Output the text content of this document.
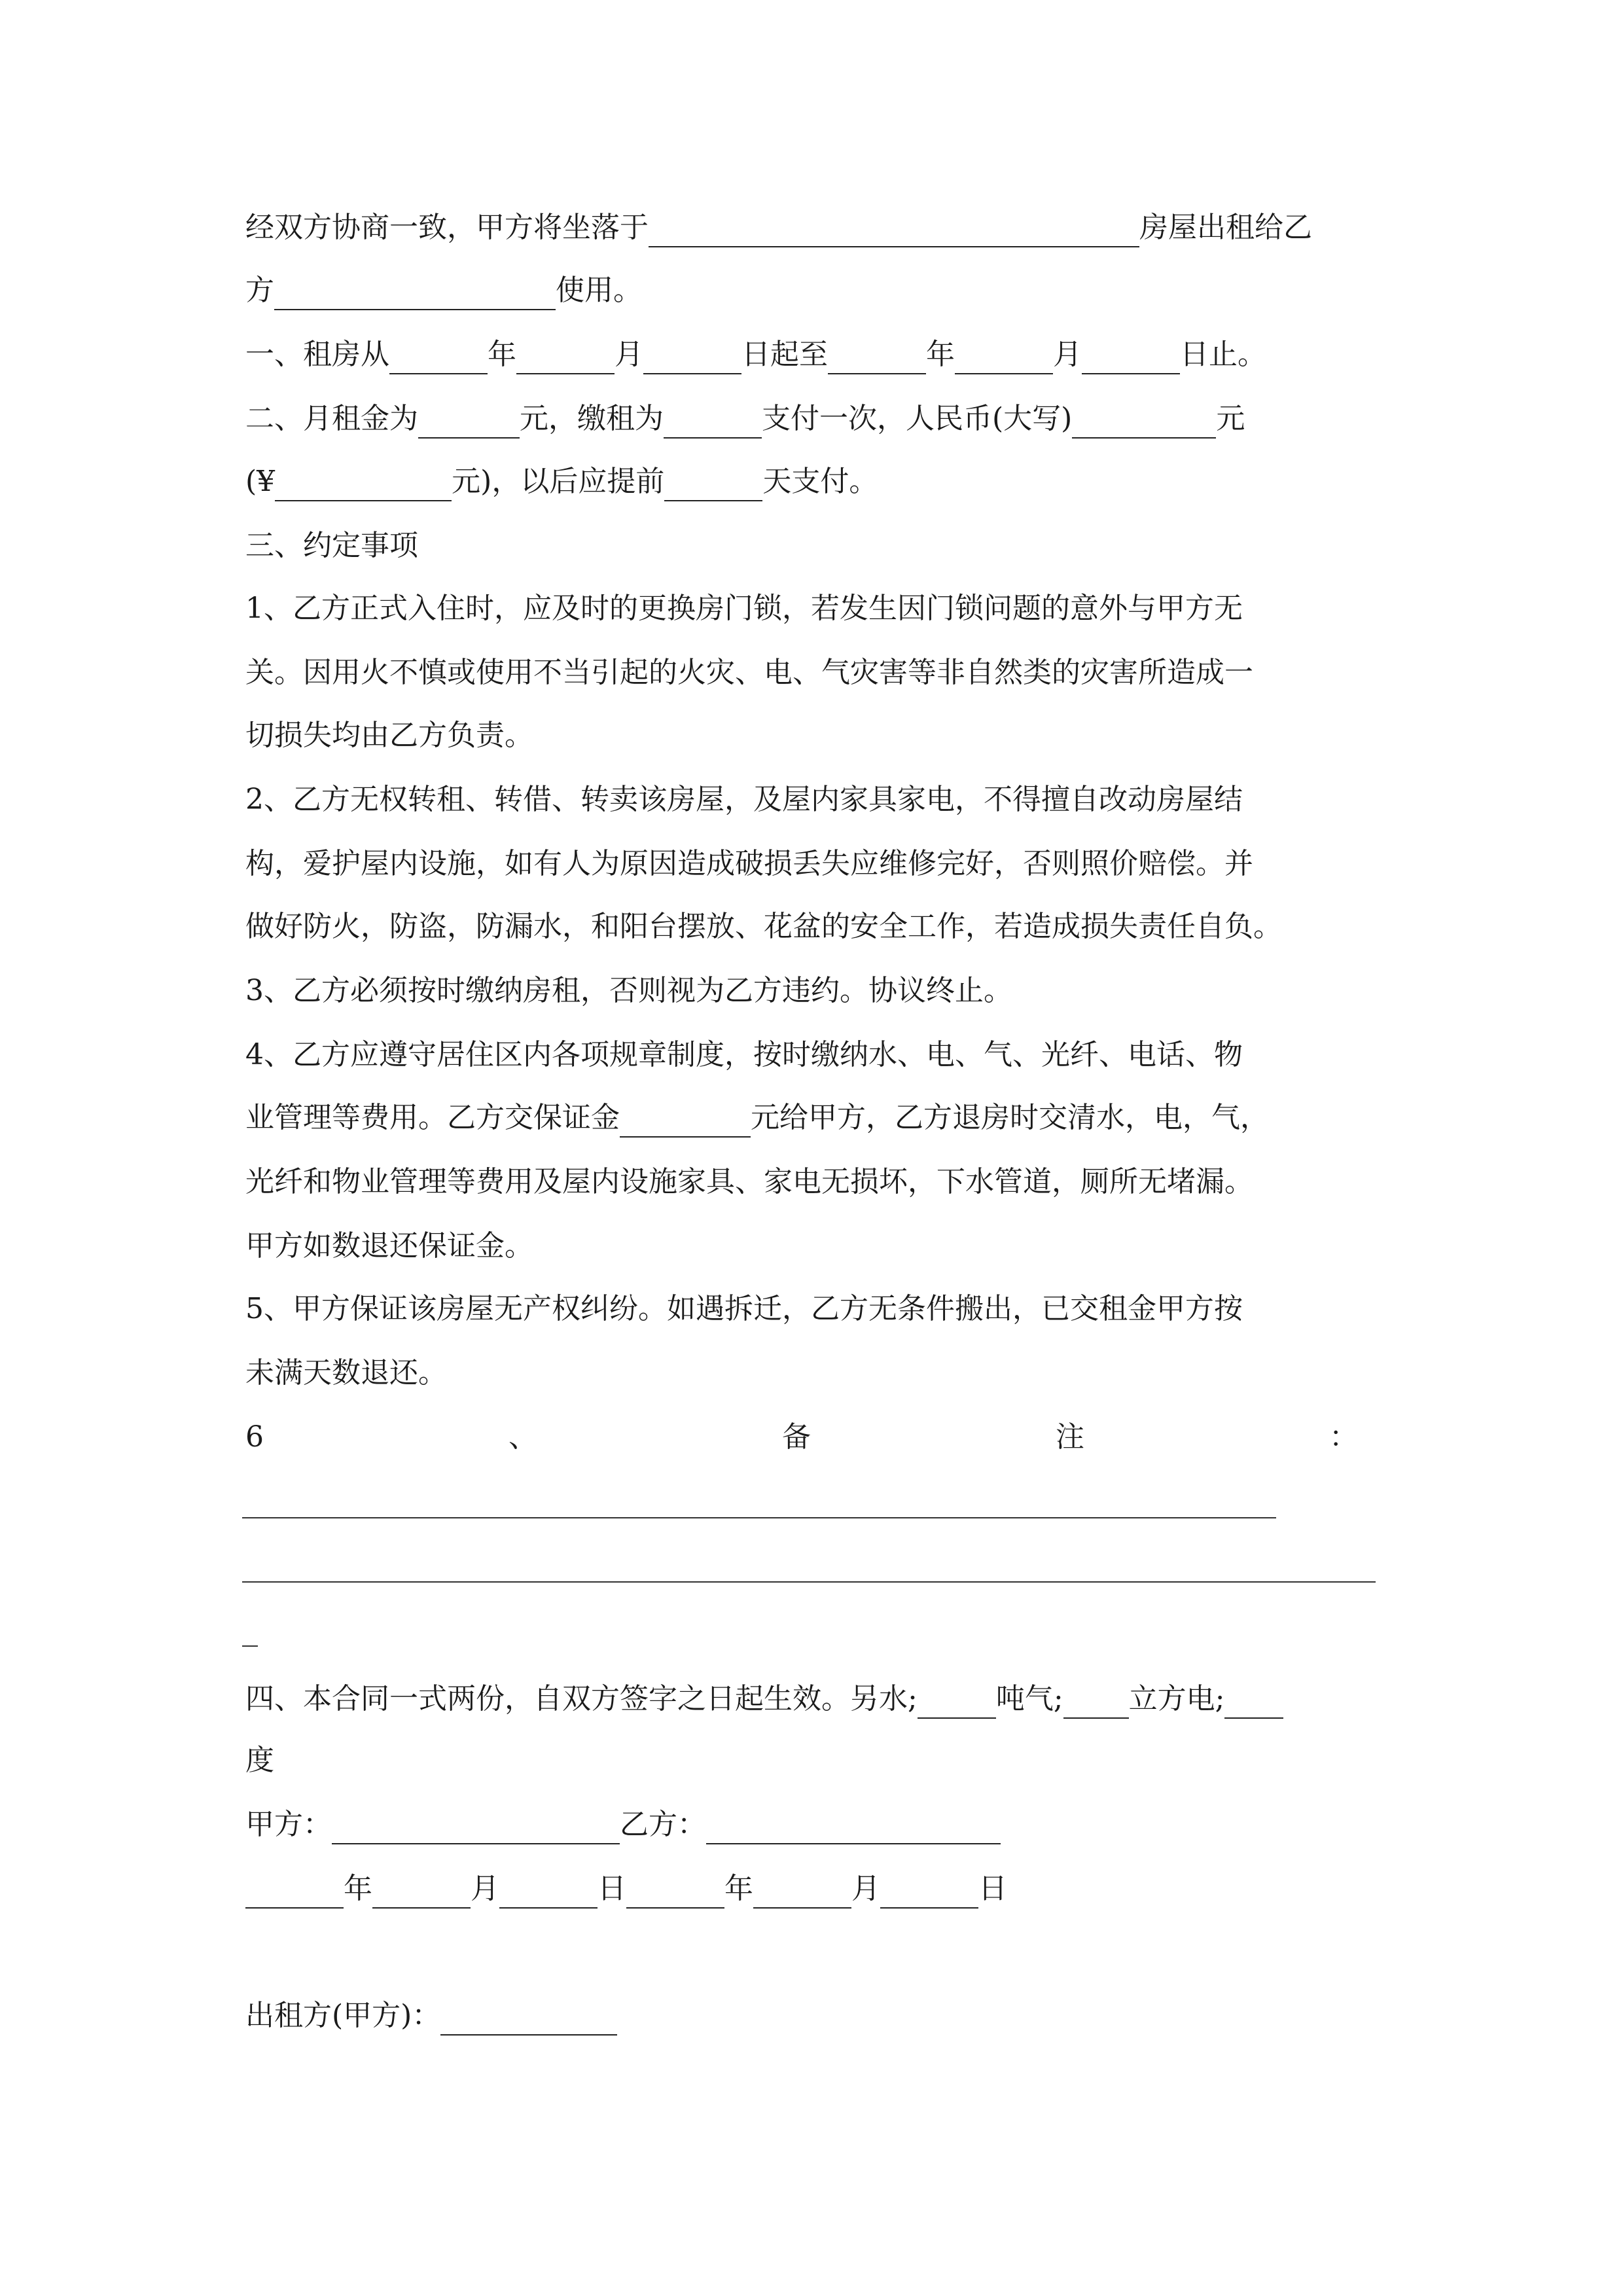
经双方协商一致，甲方将坐落于	房屋出租给乙
方	使用。
一、租房从	年	月	日起至	年	月	日止。
二、月租金为	元，缴租为	支付一次，人民币(大写)	元
(¥	元)，以后应提前	天支付。
三、约定事项
1、乙方正式入住时，应及时的更换房门锁，若发生因门锁问题的意外与甲方无
关。因用火不慎或使用不当引起的火灾、电、气灾害等非自然类的灾害所造成一
切损失均由乙方负责。
2、乙方无权转租、转借、转卖该房屋，及屋内家具家电，不得擅自改动房屋结
构，爱护屋内设施，如有人为原因造成破损丢失应维修完好，否则照价赔偿。并
做好防火，防盗，防漏水，和阳台摆放、花盆的安全工作，若造成损失责任自负。
3、乙方必须按时缴纳房租，否则视为乙方违约。协议终止。
4、乙方应遵守居住区内各项规章制度，按时缴纳水、电、气、光纤、电话、物
业管理等费用。乙方交保证金	元给甲方，乙方退房时交清水，电，气，
光纤和物业管理等费用及屋内设施家具、家电无损坏，下水管道，厕所无堵漏。
甲方如数退还保证金。
5、甲方保证该房屋无产权纠纷。如遇拆迁，乙方无条件搬出，已交租金甲方按
未满天数退还。
6	、	备	注	：
四、本合同一式两份，自双方签字之日起生效。另水;	吨气; 立方电;
度
甲方：	乙方：
年	月	日	年	月	日
出租方(甲方)：
